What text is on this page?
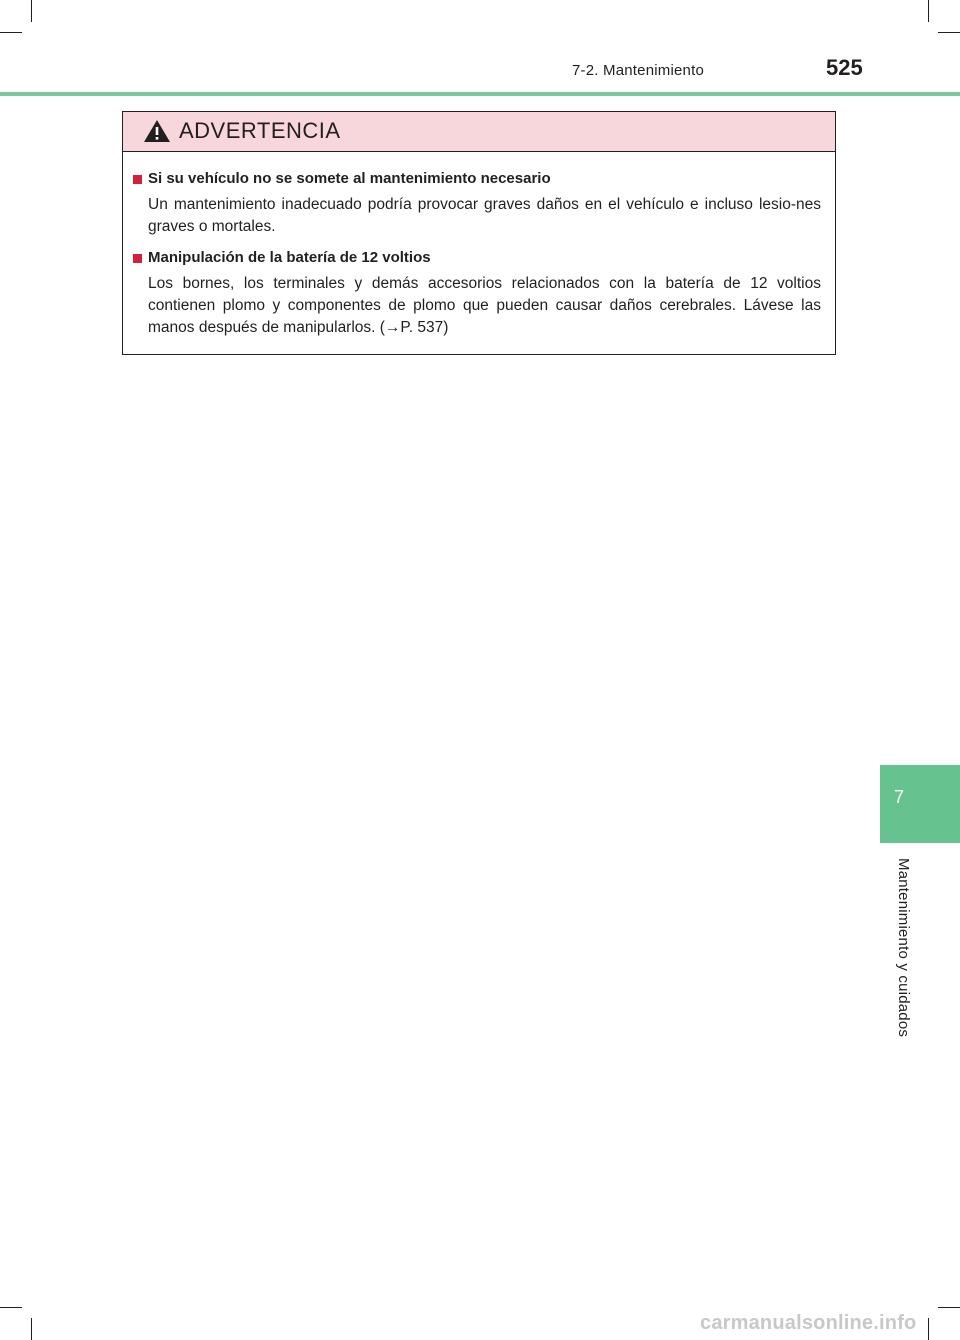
7-2. Mantenimiento	525
ADVERTENCIA

Si su vehículo no se somete al mantenimiento necesario

Un mantenimiento inadecuado podría provocar graves daños en el vehículo e incluso lesio-nes graves o mortales.

Manipulación de la batería de 12 voltios

Los bornes, los terminales y demás accesorios relacionados con la batería de 12 voltios contienen plomo y componentes de plomo que pueden causar daños cerebrales. Lávese las manos después de manipularlos. (→P. 537)

7
Mantenimiento y cuidados
carmanualsonline.info
